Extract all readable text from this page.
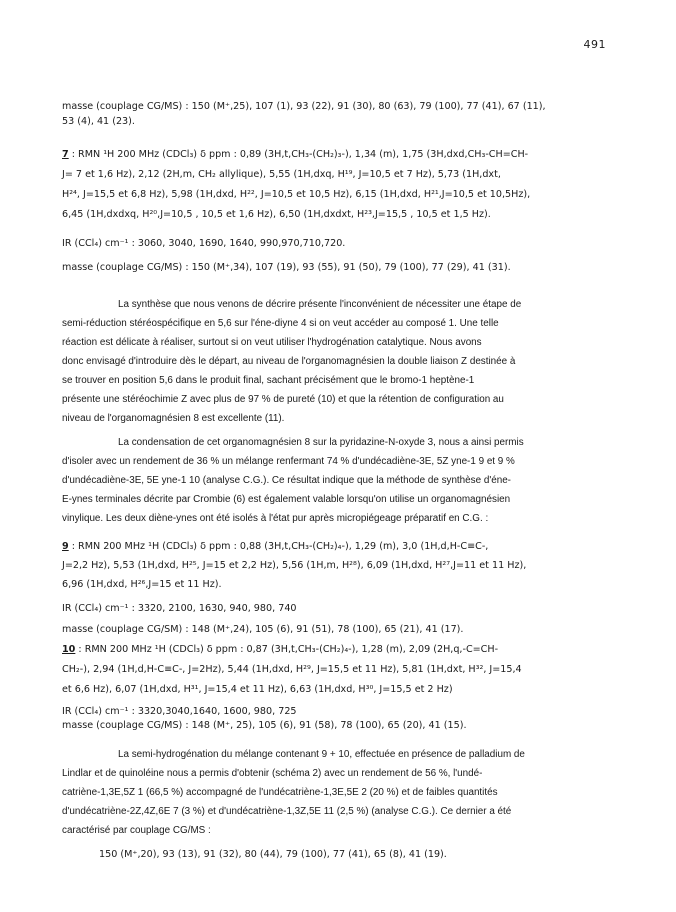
491
masse (couplage CG/MS) : 150 (M⁺,25), 107 (1), 93 (22), 91 (30), 80 (63), 79 (100), 77 (41), 67 (11),
53 (4), 41 (23).
7 : RMN ¹H 200 MHz (CDCl₃) δ ppm : 0,89 (3H,t,CH₃-(CH₂)₃-), 1,34 (m), 1,75 (3H,dxd,CH₃-CH=CH-
J= 7 et 1,6 Hz), 2,12 (2H,m, CH₂ allylique), 5,55 (1H,dxq, H¹⁹, J=10,5 et 7 Hz), 5,73 (1H,dxt,
H²⁴, J=15,5 et 6,8 Hz), 5,98 (1H,dxd, H²², J=10,5 et 10,5 Hz), 6,15 (1H,dxd, H²¹,J=10,5 et 10,5Hz),
6,45 (1H,dxdxq, H²⁰,J=10,5 , 10,5 et 1,6 Hz), 6,50 (1H,dxdxt, H²³,J=15,5 , 10,5 et 1,5 Hz).
IR (CCl₄) cm⁻¹ : 3060, 3040, 1690, 1640, 990,970,710,720.
masse (couplage CG/MS) : 150 (M⁺,34), 107 (19), 93 (55), 91 (50), 79 (100), 77 (29), 41 (31).
La synthèse que nous venons de décrire présente l'inconvénient de nécessiter une étape de
semi-réduction stéréospécifique en 5,6 sur l'éne-diyne 4 si on veut accéder au composé 1. Une telle
réaction est délicate à réaliser, surtout si on veut utiliser l'hydrogénation catalytique. Nous avons
donc envisagé d'introduire dès le départ, au niveau de l'organomagnésien la double liaison Z destinée à
se trouver en position 5,6 dans le produit final, sachant précisément que le bromo-1 heptène-1
présente une stéréochimie Z avec plus de 97 % de pureté (10) et que la rétention de configuration au
niveau de l'organomagnésien 8 est excellente (11).
La condensation de cet organomagnésien 8 sur la pyridazine-N-oxyde 3, nous a ainsi permis
d'isoler avec un rendement de 36 % un mélange renfermant 74 % d'undécadiène-3E, 5Z yne-1 9 et 9 %
d'undécadiène-3E, 5E yne-1 10 (analyse C.G.). Ce résultat indique que la méthode de synthèse d'éne-
E-ynes terminales décrite par Crombie (6) est également valable lorsqu'on utilise un organomagnésien
vinylique. Les deux diène-ynes ont été isolés à l'état pur après micropiégeage préparatif en C.G. :
9 : RMN 200 MHz ¹H (CDCl₃) δ ppm : 0,88 (3H,t,CH₃-(CH₂)₄-), 1,29 (m), 3,0 (1H,d,H-C≡C-,
J=2,2 Hz), 5,53 (1H,dxd, H²⁵, J=15 et 2,2 Hz), 5,56 (1H,m, H²⁸), 6,09 (1H,dxd, H²⁷,J=11 et 11 Hz),
6,96 (1H,dxd, H²⁶,J=15 et 11 Hz).
IR (CCl₄) cm⁻¹ : 3320, 2100, 1630, 940, 980, 740
masse (couplage CG/SM) : 148 (M⁺,24), 105 (6), 91 (51), 78 (100), 65 (21), 41 (17).
10 : RMN 200 MHz ¹H (CDCl₃) δ ppm : 0,87 (3H,t,CH₃-(CH₂)₄-), 1,28 (m), 2,09 (2H,q,-C=CH-
CH₂-), 2,94 (1H,d,H-C≡C-, J=2Hz), 5,44 (1H,dxd, H²⁹, J=15,5 et 11 Hz), 5,81 (1H,dxt, H³², J=15,4
et 6,6 Hz), 6,07 (1H,dxd, H³¹, J=15,4 et 11 Hz), 6,63 (1H,dxd, H³⁰, J=15,5 et 2 Hz)
IR (CCl₄) cm⁻¹ : 3320,3040,1640, 1600, 980, 725
masse (couplage CG/MS) : 148 (M⁺, 25), 105 (6), 91 (58), 78 (100), 65 (20), 41 (15).
La semi-hydrogénation du mélange contenant 9 + 10, effectuée en présence de palladium de
Lindlar et de quinoléine nous a permis d'obtenir (schéma 2) avec un rendement de 56 %, l'undé-
catriène-1,3E,5Z 1 (66,5 %) accompagné de l'undécatriène-1,3E,5E 2 (20 %) et de faibles quantités
d'undécatriène-2Z,4Z,6E 7 (3 %) et d'undécatriène-1,3Z,5E 11 (2,5 %) (analyse C.G.). Ce dernier a été
caractérisé par couplage CG/MS :
150 (M⁺,20), 93 (13), 91 (32), 80 (44), 79 (100), 77 (41), 65 (8), 41 (19).
